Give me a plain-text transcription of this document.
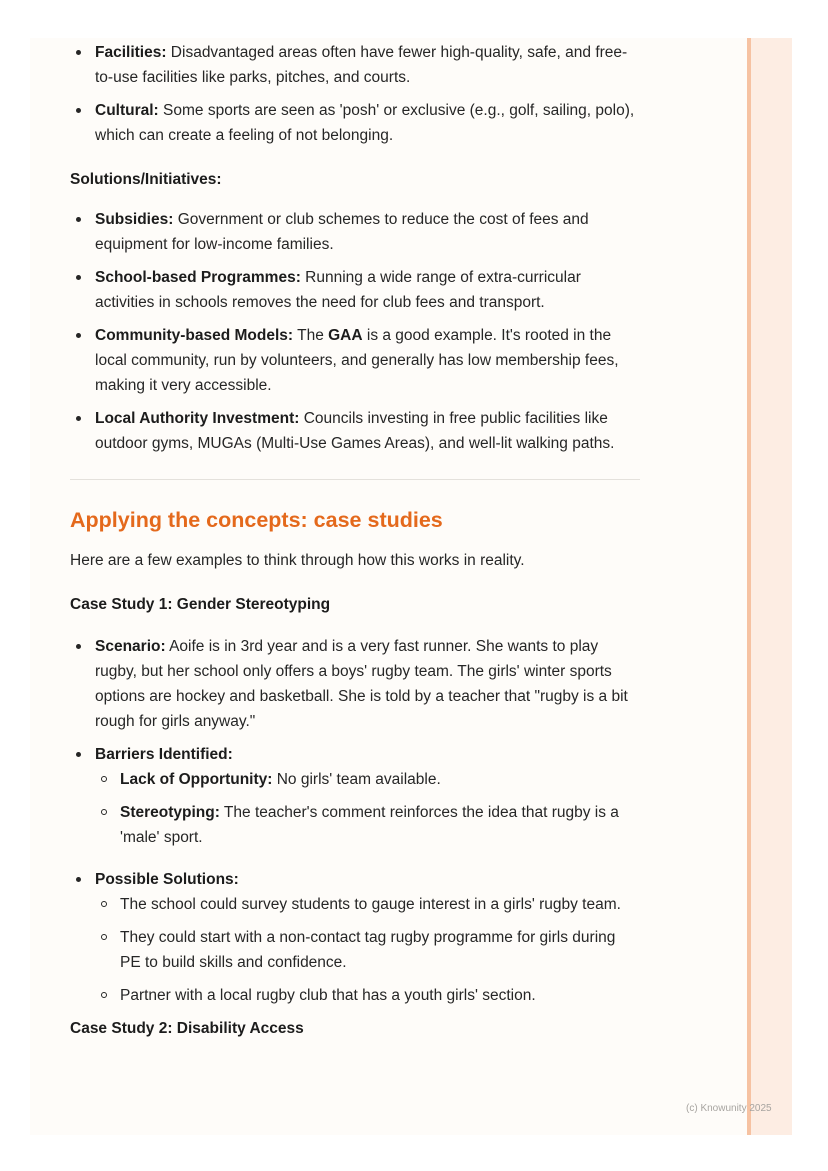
Facilities: Disadvantaged areas often have fewer high-quality, safe, and free-to-use facilities like parks, pitches, and courts.
Cultural: Some sports are seen as 'posh' or exclusive (e.g., golf, sailing, polo), which can create a feeling of not belonging.

Solutions/Initiatives:

Subsidies: Government or club schemes to reduce the cost of fees and equipment for low-income families.
School-based Programmes: Running a wide range of extra-curricular activities in schools removes the need for club fees and transport.
Community-based Models: The GAA is a good example. It's rooted in the local community, run by volunteers, and generally has low membership fees, making it very accessible.
Local Authority Investment: Councils investing in free public facilities like outdoor gyms, MUGAs (Multi-Use Games Areas), and well-lit walking paths.
Applying the concepts: case studies

Here are a few examples to think through how this works in reality.

Case Study 1: Gender Stereotyping

Scenario: Aoife is in 3rd year and is a very fast runner. She wants to play rugby, but her school only offers a boys' rugby team. The girls' winter sports options are hockey and basketball. She is told by a teacher that "rugby is a bit rough for girls anyway."
Barriers Identified:
Lack of Opportunity: No girls' team available.
Stereotyping: The teacher's comment reinforces the idea that rugby is a 'male' sport.
Possible Solutions:
The school could survey students to gauge interest in a girls' rugby team.
They could start with a non-contact tag rugby programme for girls during PE to build skills and confidence.
Partner with a local rugby club that has a youth girls' section.

Case Study 2: Disability Access

(c) Knowunity 2025
